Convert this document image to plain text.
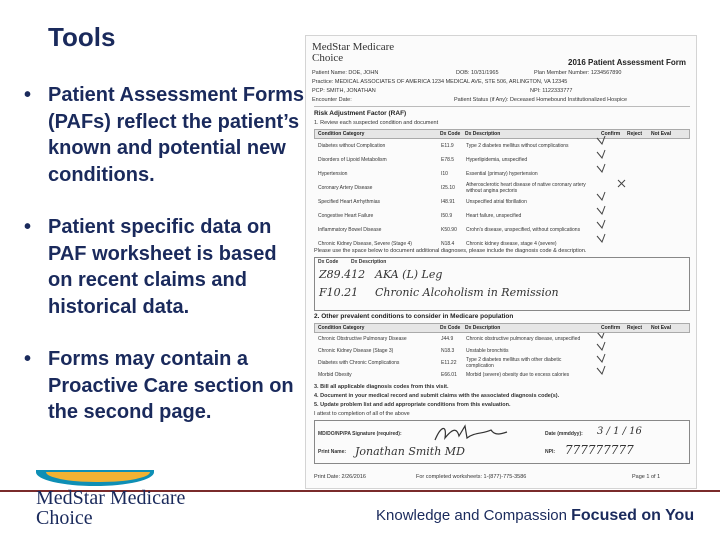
Tools
• Patient Assessment Forms (PAFs) reflect the patient’s known and potential new conditions.
• Patient specific data on PAF worksheet is based on recent claims and historical data.
• Forms may contain a Proactive Care section on the second page.
MedStar Medicare
Choice	2016 Patient Assessment Form
Patient Name: DOE, JOHN	DOB: 10/31/1965	Plan Member Number: 1234567890
Practice: MEDICAL ASSOCIATES OF AMERICA 1234 MEDICAL AVE, STE 506, ARLINGTON, VA 12345
PCP: SMITH, JONATHAN	NPI: 1122333777
Encounter Date:	Patient Status (if Any): Deceased Homebound Institutionalized Hospice
Risk Adjustment Factor (RAF)
1. Review each suspected condition and document
Condition Category	Dx Code Dx Description	Confirm Reject Not Eval
Diabetes without Complication	E11.9 Type 2 diabetes mellitus without complications
Disorders of Lipoid Metabolism	E78.5 Hyperlipidemia, unspecified
Hypertension	I10	Essential (primary) hypertension
Coronary Artery Disease	I25.10 Atherosclerotic heart disease of native coronary artery without angina pectoris
Specified Heart Arrhythmias	I48.91 Unspecified atrial fibrillation
Congestive Heart Failure	I50.9	Heart failure, unspecified
Inflammatory Bowel Disease	K50.90 Crohn's disease, unspecified, without complications
Chronic Kidney Disease, Severe (Stage 4)	N18.4 Chronic kidney disease, stage 4 (severe)
Please use the space below to document additional diagnoses, please include the diagnosis code & description.
Dx Code	Dx Description
Z89.412 AKA (L) Leg
F10.21 Chronic Alcoholism in Remission
2. Other prevalent conditions to consider in Medicare population
Condition Category	Dx Code Dx Description	Confirm Reject Not Eval
Chronic Obstructive Pulmonary Disease	J44.9	Chronic obstructive pulmonary disease, unspecified
Chronic Kidney Disease (Stage 3)	N18.3 Unstable bronchitis
Diabetes with Chronic Complications	E11.22 Type 2 diabetes mellitus with other diabetic complication
Morbid Obesity	E66.01 Morbid (severe) obesity due to excess calories
3. Bill all applicable diagnosis codes from this visit.
4. Document in your medical record and submit claims with the associated diagnosis code(s).
5. Update problem list and add appropriate conditions from this evaluation.
I attest to completion of all of the above
MD/DO/NP/PA Signature (required):	Date (mmddyy): 3 / 1 / 16
Print Name: Jonathan Smith MD	NPI: 777777777
Print Date: 2/26/2016	For completed worksheets: 1-(877)-775-3586	Page 1 of 1
MedStar Medicare
Choice	Knowledge and Compassion Focused on You
